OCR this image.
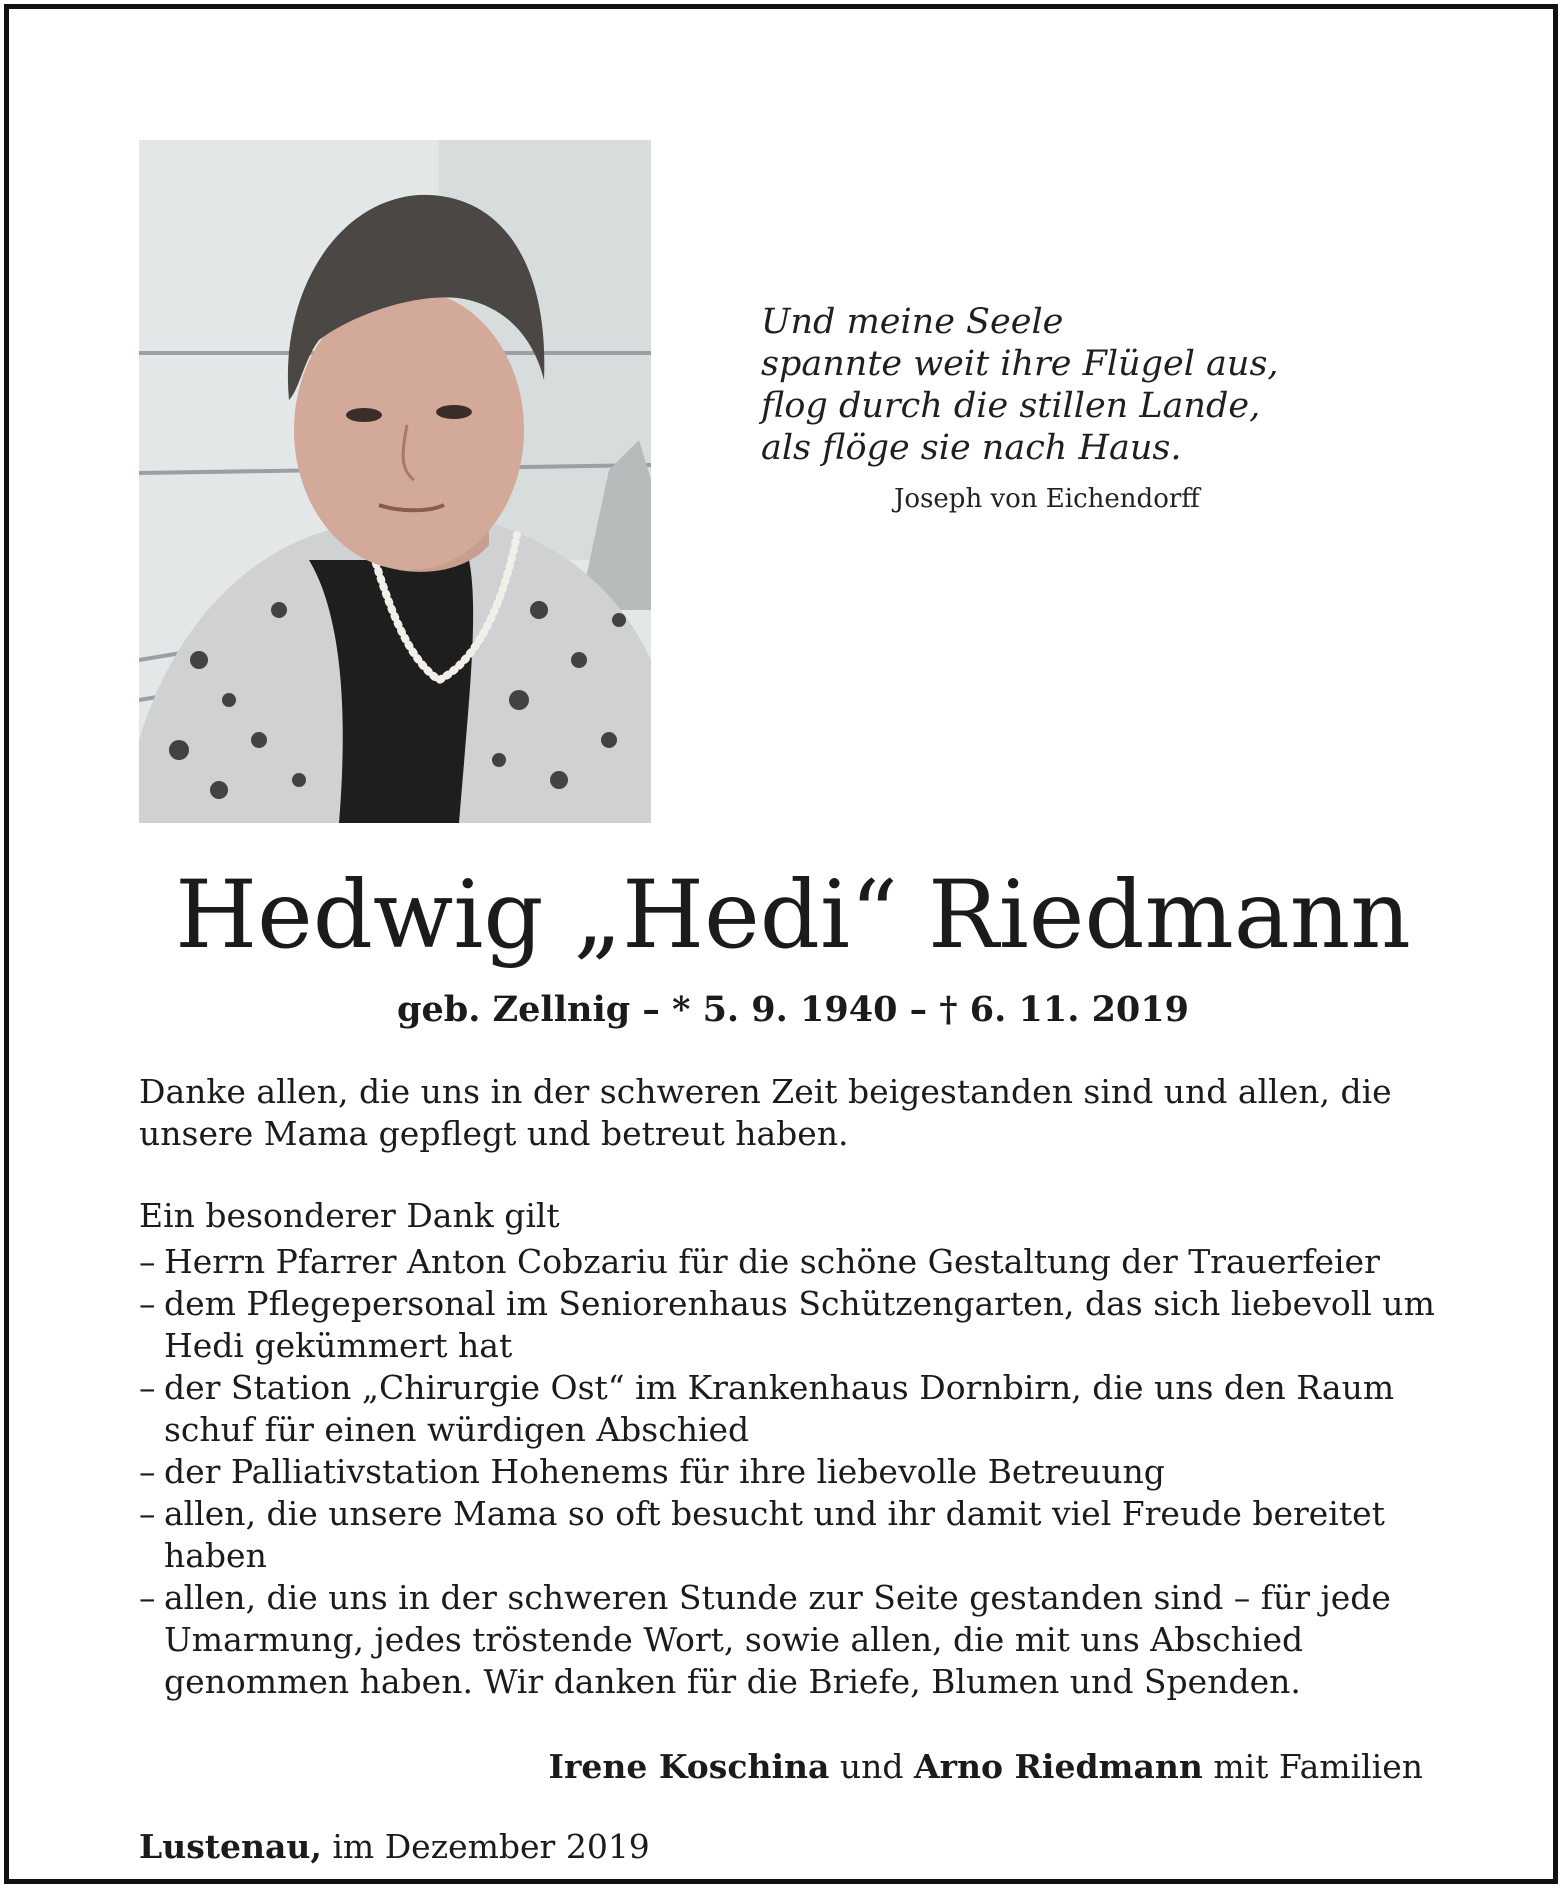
Und meine Seele
spannte weit ihre Flügel aus,
flog durch die stillen Lande,
als flöge sie nach Haus.
Joseph von Eichendorff
Hedwig „Hedi“ Riedmann
geb. Zellnig – * 5. 9. 1940 – † 6. 11. 2019
Danke allen, die uns in der schweren Zeit beigestanden sind und allen, die unsere Mama gepflegt und betreut haben.
Ein besonderer Dank gilt
– Herrn Pfarrer Anton Cobzariu für die schöne Gestaltung der Trauerfeier
– dem Pflegepersonal im Seniorenhaus Schützengarten, das sich liebevoll um Hedi gekümmert hat
– der Station „Chirurgie Ost“ im Krankenhaus Dornbirn, die uns den Raum schuf für einen würdigen Abschied
– der Palliativstation Hohenems für ihre liebevolle Betreuung
– allen, die unsere Mama so oft besucht und ihr damit viel Freude bereitet haben
– allen, die uns in der schweren Stunde zur Seite gestanden sind – für jede Umarmung, jedes tröstende Wort, sowie allen, die mit uns Abschied genommen haben. Wir danken für die Briefe, Blumen und Spenden.
Irene Koschina und Arno Riedmann mit Familien
Lustenau, im Dezember 2019
